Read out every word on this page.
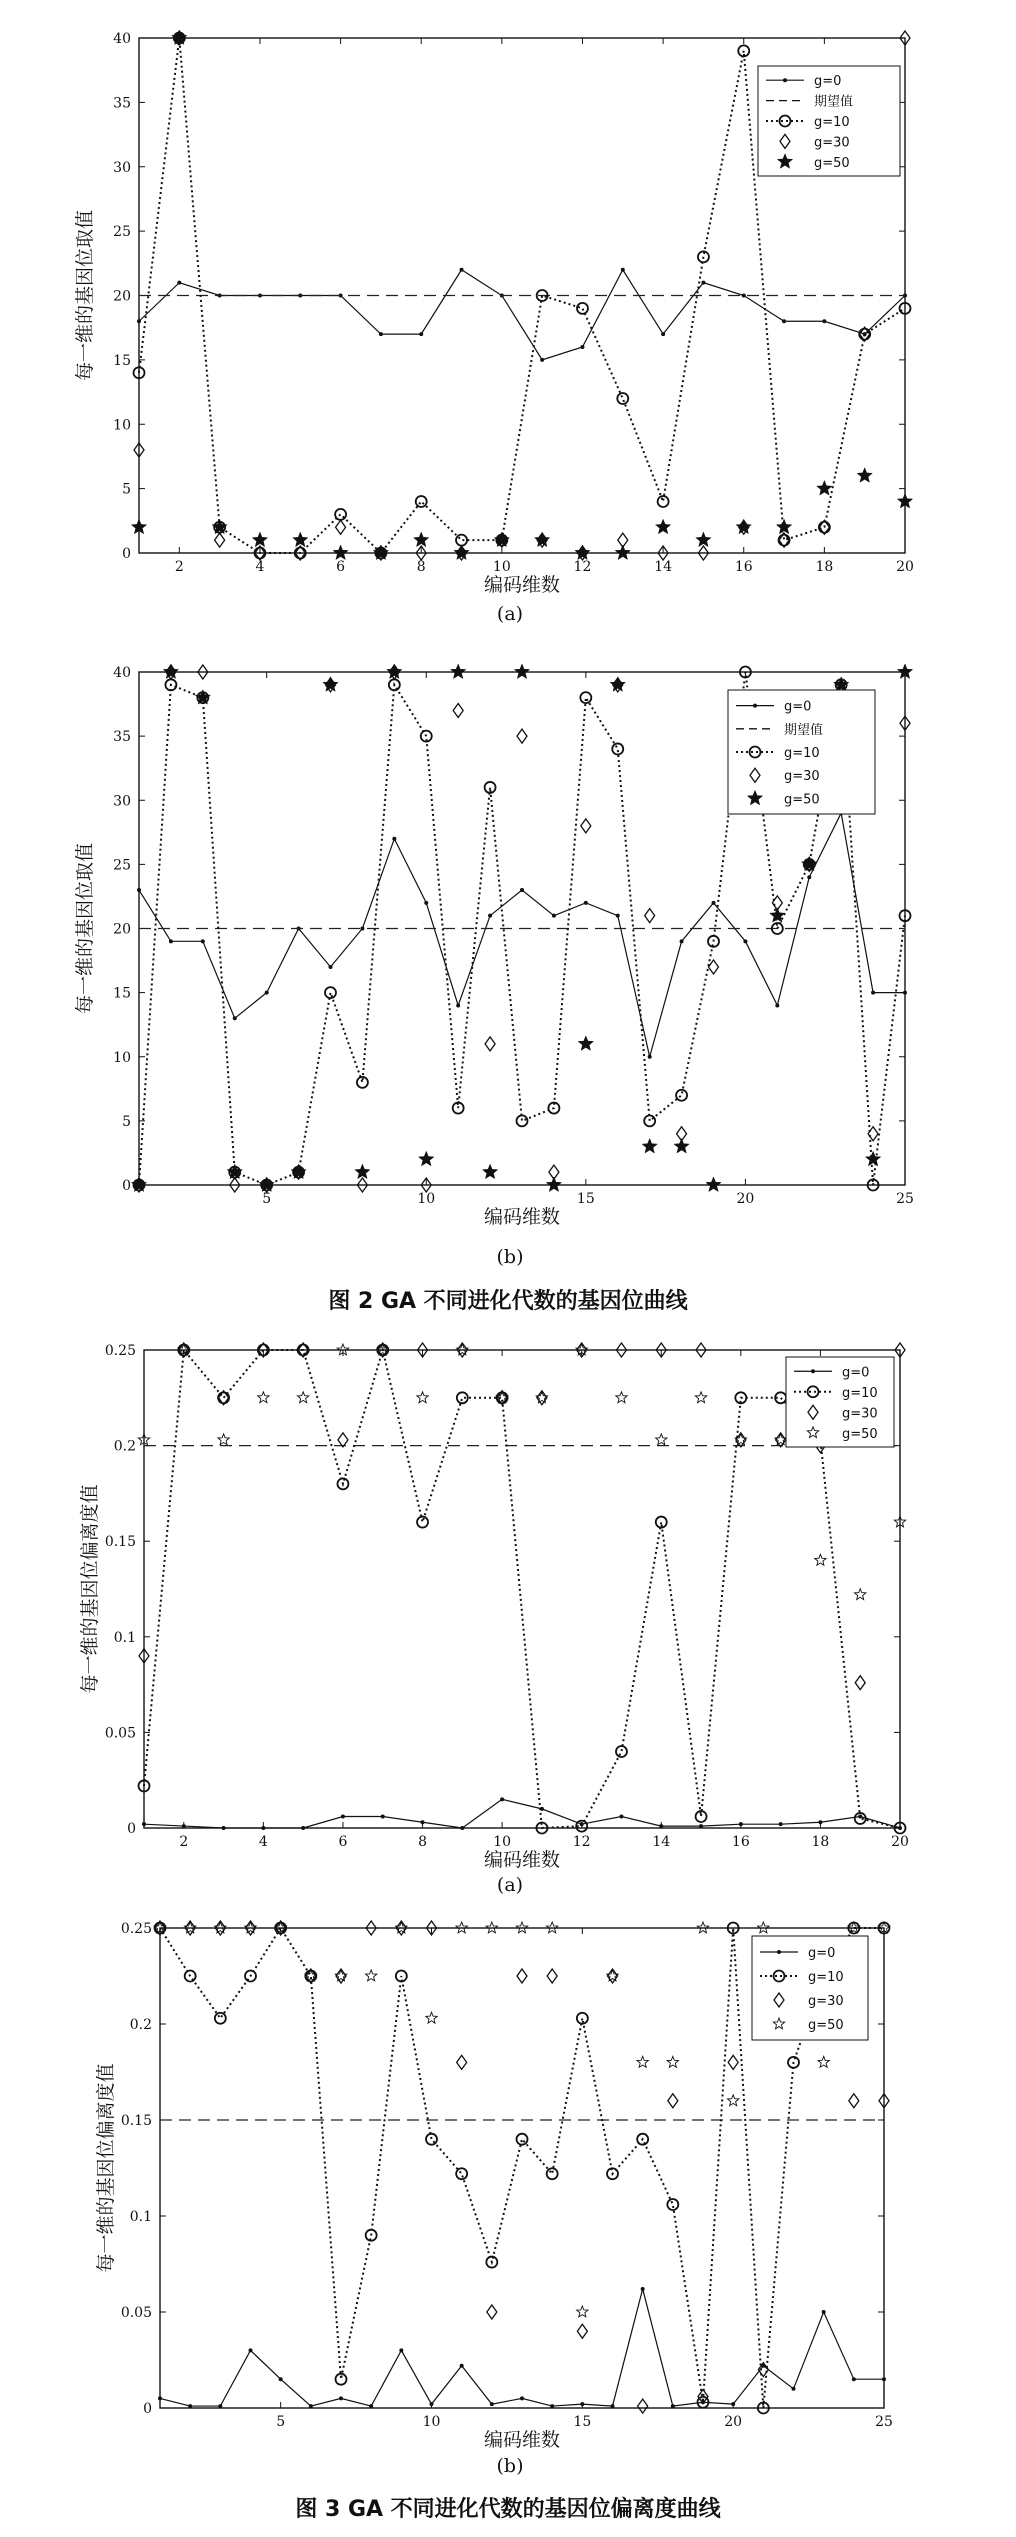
0
5
10
15
20
25
30
35
40
2	4	6	8	10	12	14	16	18	20
编码维数
每一维的基因位取值
g=0
期望值
g=10
g=30
g=50
0
5
10
15
20
25
30
35
40
5	10	15	20	25
编码维数
每一维的基因位取值
g=0
期望值
g=10
g=30
g=50
0
0.05
0.1
0.15
0.2
0.25
2	4	6	8	10	12	14	16	18	20
编码维数
每一维的基因位偏离度值
g=0
g=10
g=30
g=50
0
0.05
0.1
0.15
0.2
0.25
5	10	15	20	25
编码维数
每一维的基因位偏离度值
g=0
g=10
g=30
g=50
(a)
(b)
图 2 GA 不同进化代数的基因位曲线
(a)
(b)
图 3 GA 不同进化代数的基因位偏离度曲线
